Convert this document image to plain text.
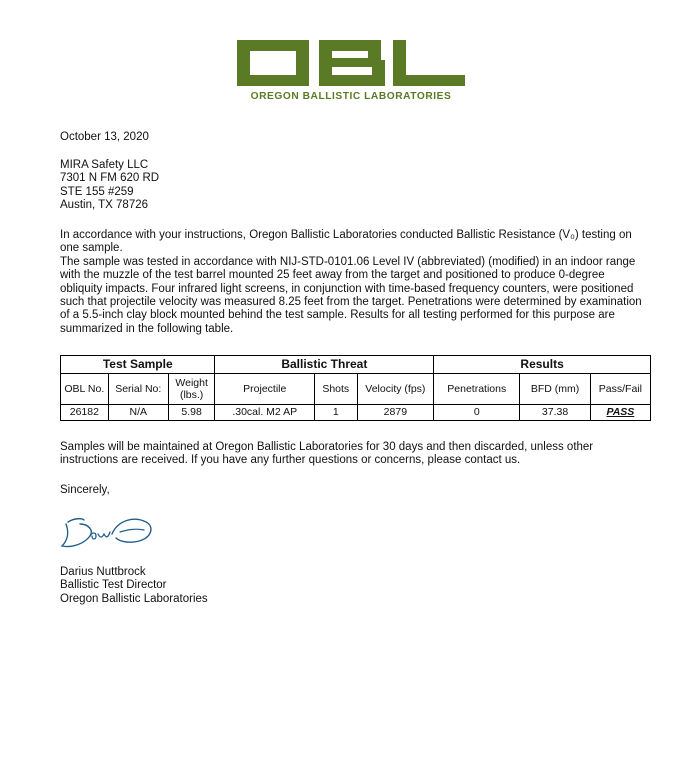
OREGON BALLISTIC LABORATORIES
October 13, 2020
MIRA Safety LLC
7301 N FM 620 RD
STE 155 #259
Austin, TX 78726

In accordance with your instructions, Oregon Ballistic Laboratories conducted Ballistic Resistance (V₀) testing on one sample.

The sample was tested in accordance with NIJ-STD-0101.06 Level IV (abbreviated) (modified) in an indoor range with the muzzle of the test barrel mounted 25 feet away from the target and positioned to produce 0-degree obliquity impacts. Four infrared light screens, in conjunction with time-based frequency counters, were positioned such that projectile velocity was measured 8.25 feet from the target. Penetrations were determined by examination of a 5.5-inch clay block mounted behind the test sample. Results for all testing performed for this purpose are summarized in the following table.

Test Sample			Ballistic Threat			Results		
OBL No.	Serial No:	Weight (lbs.)	Projectile	Shots	Velocity (fps)	Penetrations	BFD (mm)	Pass/Fail
26182	N/A	5.98	.30cal. M2 AP	1	2879	0	37.38	PASS
Samples will be maintained at Oregon Ballistic Laboratories for 30 days and then discarded, unless other instructions are received. If you have any further questions or concerns, please contact us.
Sincerely,
Darius Nuttbrock
Ballistic Test Director
Oregon Ballistic Laboratories
